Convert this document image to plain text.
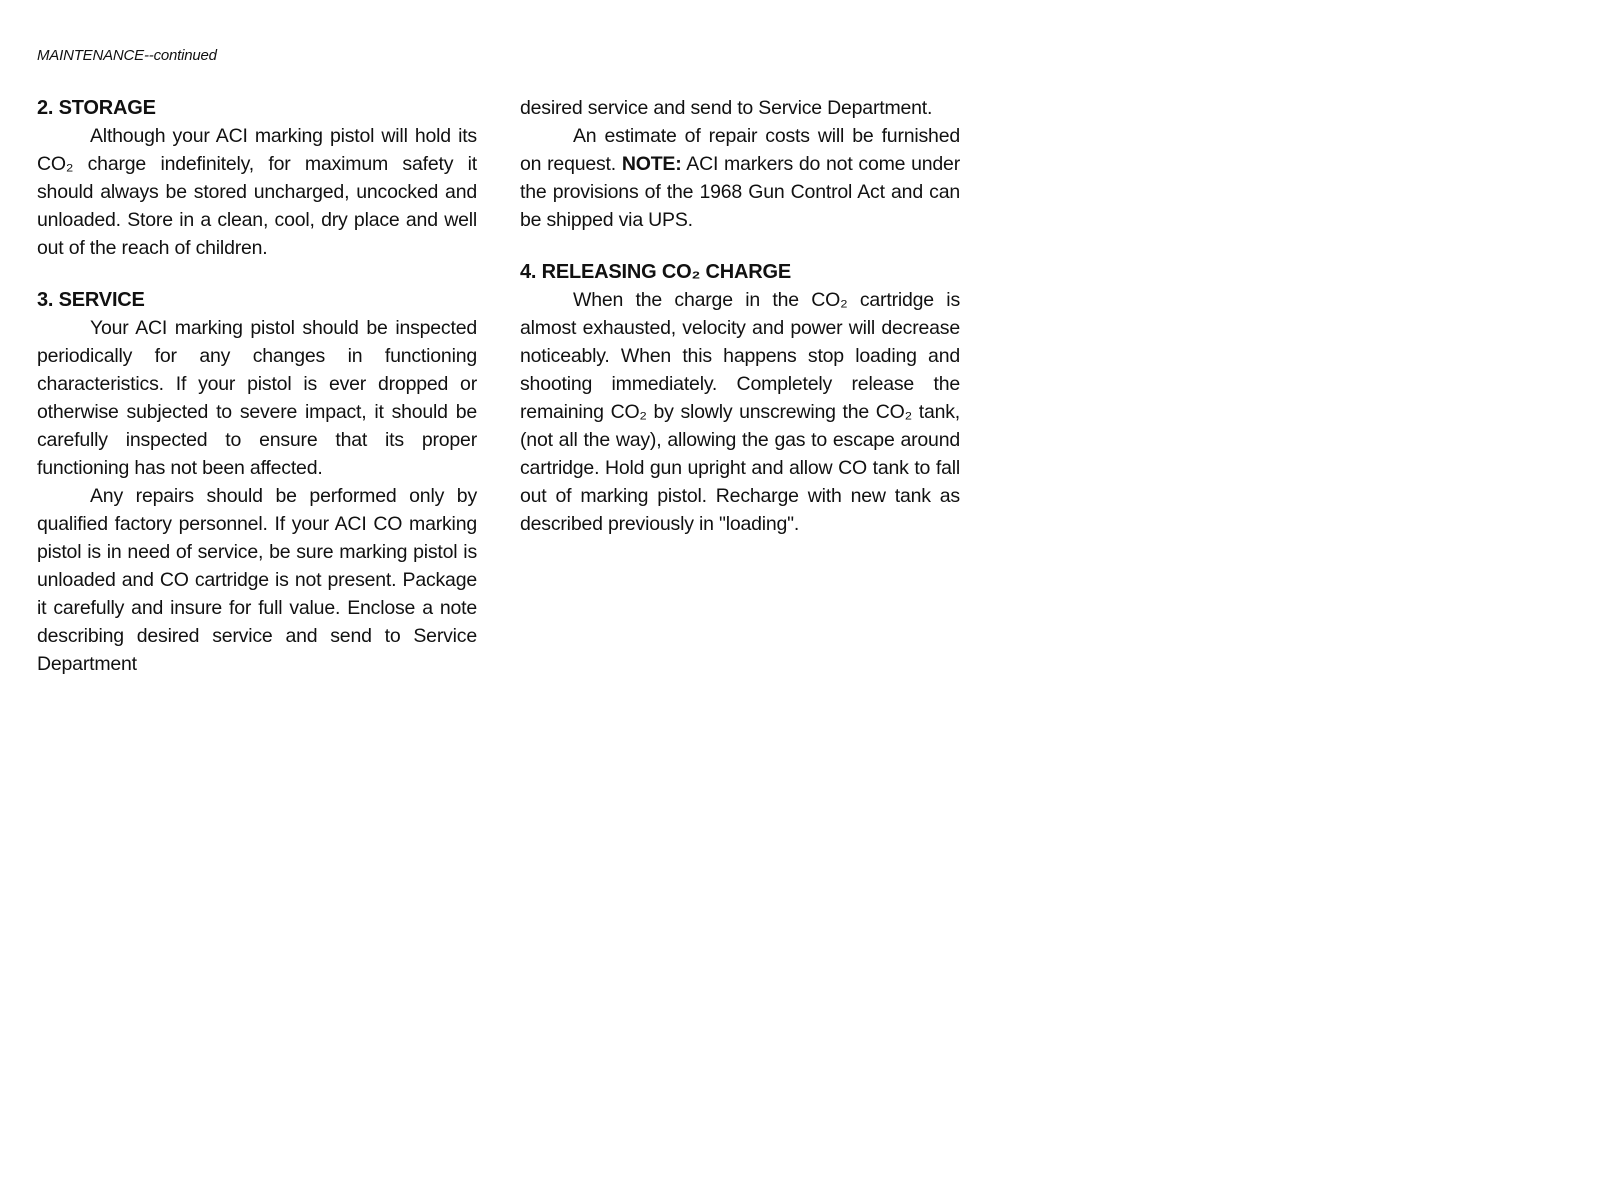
MAINTENANCE--continued
2. STORAGE

Although your ACI marking pistol will hold its CO₂ charge indefinitely, for maximum safety it should always be stored uncharged, uncocked and unloaded. Store in a clean, cool, dry place and well out of the reach of children.

3. SERVICE

Your ACI marking pistol should be inspected periodically for any changes in functioning characteristics. If your pistol is ever dropped or otherwise subjected to severe impact, it should be carefully inspected to ensure that its proper functioning has not been affected.

Any repairs should be performed only by qualified factory personnel. If your ACI CO marking pistol is in need of service, be sure marking pistol is unloaded and CO cartridge is not present. Package it carefully and insure for full value. Enclose a note describing desired service and send to Service Department

desired service and send to Service Department.

An estimate of repair costs will be furnished on request. NOTE: ACI markers do not come under the provisions of the 1968 Gun Control Act and can be shipped via UPS.

4. RELEASING CO₂ CHARGE

When the charge in the CO₂ cartridge is almost exhausted, velocity and power will decrease noticeably. When this happens stop loading and shooting immediately. Completely release the remaining CO₂ by slowly unscrewing the CO₂ tank, (not all the way), allowing the gas to escape around cartridge. Hold gun upright and allow CO tank to fall out of marking pistol. Recharge with new tank as described previously in "loading".
